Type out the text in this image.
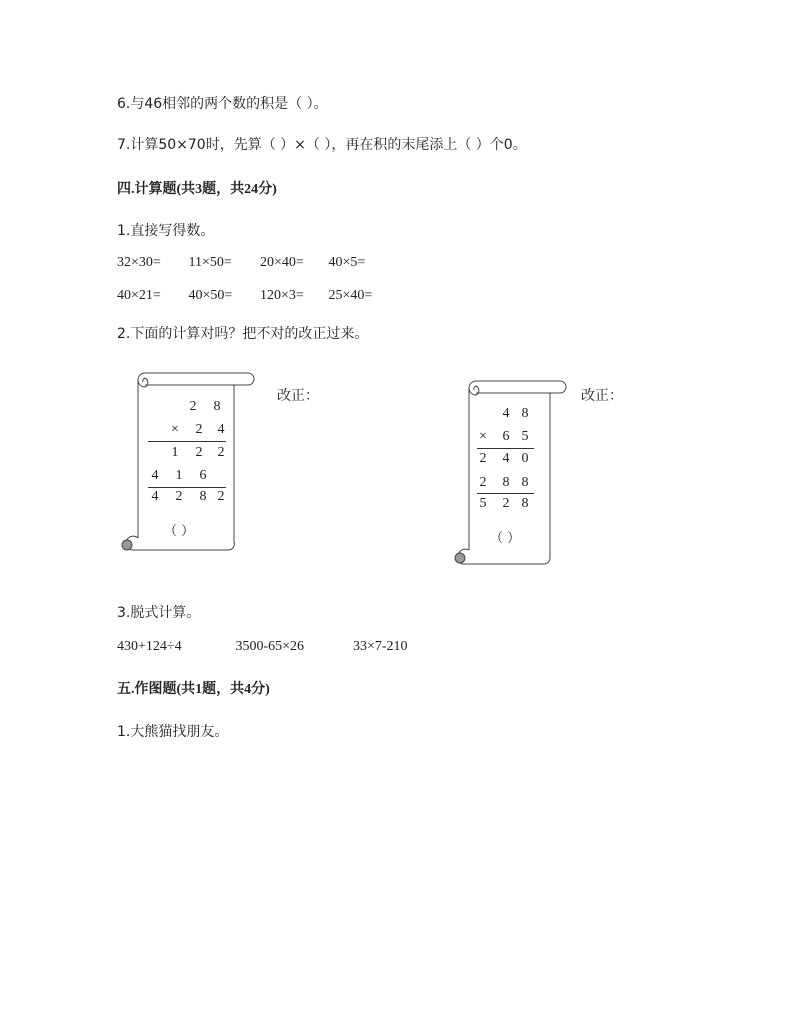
6.与46相邻的两个数的积是（ ）。
7.计算50×70时，先算（ ）×（ ），再在积的末尾添上（ ）个0。
四.计算题(共3题，共24分)
1.直接写得数。
32×30= 11×50= 20×40= 40×5=
40×21= 40×50= 120×3= 25×40=
2.下面的计算对吗？把不对的改正过来。
2 8
× 2 4
1 2 2
4 1 6
4 2 8 2
（ ）
改正：
4 8
× 6 5
2 4 0
2 8 8
5 2 8
（ ）
改正：
3.脱式计算。
430+124÷4	3500-65×26	33×7-210
五.作图题(共1题，共4分)
1.大熊猫找朋友。
